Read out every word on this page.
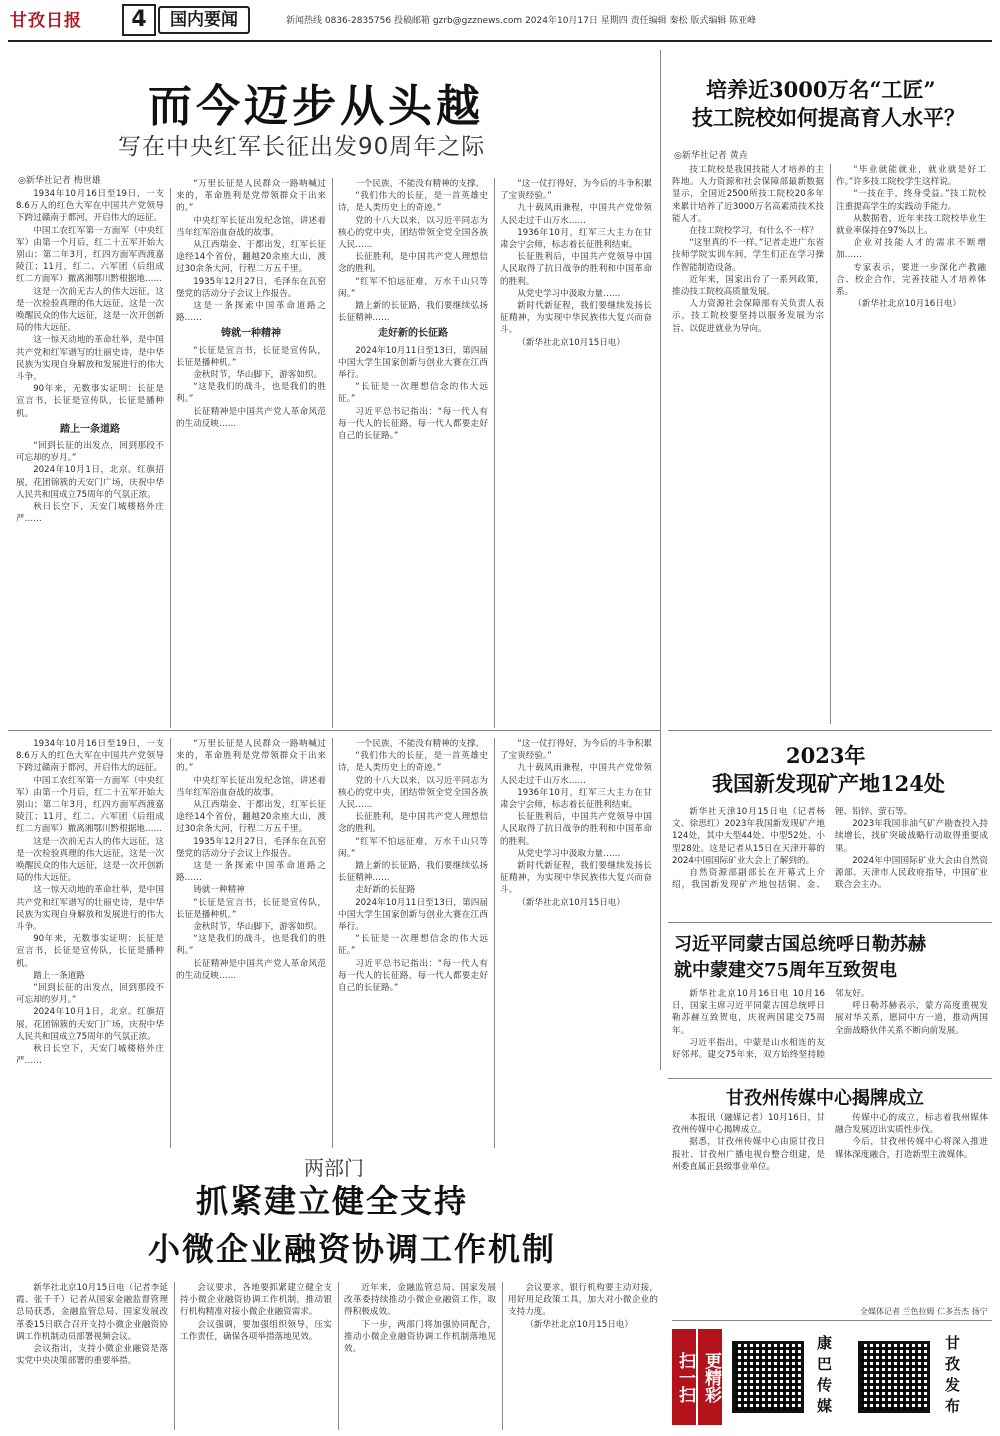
甘孜日报	4	国内要闻	新闻热线 0836-2835756 投稿邮箱 gzrb@gzznews.com 2024年10月17日 星期四 责任编辑 秦松 版式编辑 陈亚峰
而今迈步从头越
写在中央红军长征出发90周年之际
◎新华社记者 梅世雄

1934年10月16日至19日，一支8.6万人的红色大军在中国共产党领导下跨过赣南于都河，开启伟大的远征。

中国工农红军第一方面军（中央红军）由第一个月后，红二十五军开始大别山；第二年3月，红四方面军西渡嘉陵江；11月，红二、六军团（后组成红二方面军）撤离湘鄂川黔根据地……

这是一次前无古人的伟大远征，这是一次检验真理的伟大远征，这是一次唤醒民众的伟大远征，这是一次开创新局的伟大远征。

这一惊天动地的革命壮举，是中国共产党和红军谱写的壮丽史诗，是中华民族为实现自身解放和发展进行的伟大斗争。

90年来，无数事实证明：长征是宣言书，长征是宣传队，长征是播种机。

踏上一条道路

“回到长征的出发点，回到那段不可忘却的岁月。”

2024年10月1日，北京。红旗招展，花团锦簇的天安门广场，庆祝中华人民共和国成立75周年的气氛正浓。

秋日长空下，天安门城楼格外庄严……

“万里长征是人民群众一路呐喊过来的，革命胜利是党带领群众干出来的。”

中央红军长征出发纪念馆，讲述着当年红军浴血奋战的故事。

从江西瑞金、于都出发，红军长征途经14个省份，翻越20余座大山，渡过30余条大河，行程二万五千里。

1935年12月27日，毛泽东在瓦窑堡党的活动分子会议上作报告。

这是一条探索中国革命道路之路……

铸就一种精神

“长征是宣言书，长征是宣传队，长征是播种机。”

金秋时节，华山脚下，游客如织。

“这是我们的战斗，也是我们的胜利。”

长征精神是中国共产党人革命风范的生动反映……

一个民族，不能没有精神的支撑。

“我们伟大的长征，是一首英雄史诗，是人类历史上的奇迹。”

党的十八大以来，以习近平同志为核心的党中央，团结带领全党全国各族人民……

长征胜利，是中国共产党人理想信念的胜利。

“红军不怕远征难，万水千山只等闲。”

踏上新的长征路，我们要继续弘扬长征精神……

走好新的长征路

2024年10月11日至13日，第四届中国大学生国家创新与创业大赛在江西举行。

“长征是一次理想信念的伟大远征。”

习近平总书记指出：“每一代人有每一代人的长征路，每一代人都要走好自己的长征路。”

“这一仗打得好，为今后的斗争积累了宝贵经验。”

九十载风雨兼程，中国共产党带领人民走过千山万水……

1936年10月，红军三大主力在甘肃会宁会师，标志着长征胜利结束。

长征胜利后，中国共产党领导中国人民取得了抗日战争的胜利和中国革命的胜利。

从党史学习中汲取力量……

新时代新征程，我们要继续发扬长征精神，为实现中华民族伟大复兴而奋斗。

（新华社北京10月15日电）

培养近3000万名“工匠”
技工院校如何提高育人水平？
◎新华社记者 黄垚

技工院校是我国技能人才培养的主阵地。人力资源和社会保障部最新数据显示，全国近2500所技工院校20多年来累计培养了近3000万名高素质技术技能人才。

在技工院校学习，有什么不一样？

“这里真的不一样。”记者走进广东省技师学院实训车间，学生们正在学习操作智能制造设备。

近年来，国家出台了一系列政策，推动技工院校高质量发展。

人力资源社会保障部有关负责人表示，技工院校要坚持以服务发展为宗旨、以促进就业为导向。

“毕业就能就业，就业就是好工作。”许多技工院校学生这样说。

“一技在手，终身受益。”技工院校注重提高学生的实践动手能力。

从数据看，近年来技工院校毕业生就业率保持在97%以上。

企业对技能人才的需求不断增加……

专家表示，要进一步深化产教融合、校企合作，完善技能人才培养体系。

（新华社北京10月16日电）

2023年
我国新发现矿产地124处

新华社天津10月15日电（记者杨文、徐思红）2023年我国新发现矿产地124处，其中大型44处、中型52处、小型28处。这是记者从15日在天津开幕的2024中国国际矿业大会上了解到的。

自然资源部副部长在开幕式上介绍，我国新发现矿产地包括铜、金、锂、铅锌、萤石等。

2023年我国非油气矿产勘查投入持续增长，找矿突破战略行动取得重要成果。

2024年中国国际矿业大会由自然资源部、天津市人民政府指导，中国矿业联合会主办。

习近平同蒙古国总统呼日勒苏赫
就中蒙建交75周年互致贺电

新华社北京10月16日电 10月16日，国家主席习近平同蒙古国总统呼日勒苏赫互致贺电，庆祝两国建交75周年。

习近平指出，中蒙是山水相连的友好邻邦。建交75年来，双方始终坚持睦邻友好。

呼日勒苏赫表示，蒙方高度重视发展对华关系，愿同中方一道，推动两国全面战略伙伴关系不断向前发展。

甘孜州传媒中心揭牌成立

本报讯（融媒记者）10月16日，甘孜州传媒中心揭牌成立。

据悉，甘孜州传媒中心由原甘孜日报社、甘孜州广播电视台整合组建，是州委直属正县级事业单位。

传媒中心的成立，标志着我州媒体融合发展迈出实质性步伐。

今后，甘孜州传媒中心将深入推进媒体深度融合，打造新型主流媒体。

全媒体记者 兰色拉姆 仁多吾杰 扬宁
扫一扫 更精彩	康巴传媒	甘孜发布
两部门
抓紧建立健全支持
小微企业融资协调工作机制

新华社北京10月15日电（记者李延霞、张千千）记者从国家金融监督管理总局获悉，金融监管总局、国家发展改革委15日联合召开支持小微企业融资协调工作机制动员部署视频会议。

会议指出，支持小微企业融资是落实党中央决策部署的重要举措。

会议要求，各地要抓紧建立健全支持小微企业融资协调工作机制，推动银行机构精准对接小微企业融资需求。

会议强调，要加强组织领导，压实工作责任，确保各项举措落地见效。

近年来，金融监管总局、国家发展改革委持续推动小微企业融资工作，取得积极成效。

下一步，两部门将加强协同配合，推动小微企业融资协调工作机制落地见效。

会议要求，银行机构要主动对接，用好用足政策工具，加大对小微企业的支持力度。

（新华社北京10月15日电）

1934年10月16日至19日，一支8.6万人的红色大军在中国共产党领导下跨过赣南于都河，开启伟大的远征。

中国工农红军第一方面军（中央红军）由第一个月后，红二十五军开始大别山；第二年3月，红四方面军西渡嘉陵江；11月，红二、六军团（后组成红二方面军）撤离湘鄂川黔根据地……

这是一次前无古人的伟大远征，这是一次检验真理的伟大远征，这是一次唤醒民众的伟大远征，这是一次开创新局的伟大远征。

这一惊天动地的革命壮举，是中国共产党和红军谱写的壮丽史诗，是中华民族为实现自身解放和发展进行的伟大斗争。

90年来，无数事实证明：长征是宣言书，长征是宣传队，长征是播种机。

踏上一条道路

“回到长征的出发点，回到那段不可忘却的岁月。”

2024年10月1日，北京。红旗招展，花团锦簇的天安门广场，庆祝中华人民共和国成立75周年的气氛正浓。

秋日长空下，天安门城楼格外庄严……

“万里长征是人民群众一路呐喊过来的，革命胜利是党带领群众干出来的。”

中央红军长征出发纪念馆，讲述着当年红军浴血奋战的故事。

从江西瑞金、于都出发，红军长征途经14个省份，翻越20余座大山，渡过30余条大河，行程二万五千里。

1935年12月27日，毛泽东在瓦窑堡党的活动分子会议上作报告。

这是一条探索中国革命道路之路……

铸就一种精神

“长征是宣言书，长征是宣传队，长征是播种机。”

金秋时节，华山脚下，游客如织。

“这是我们的战斗，也是我们的胜利。”

长征精神是中国共产党人革命风范的生动反映……

一个民族，不能没有精神的支撑。

“我们伟大的长征，是一首英雄史诗，是人类历史上的奇迹。”

党的十八大以来，以习近平同志为核心的党中央，团结带领全党全国各族人民……

长征胜利，是中国共产党人理想信念的胜利。

“红军不怕远征难，万水千山只等闲。”

踏上新的长征路，我们要继续弘扬长征精神……

走好新的长征路

2024年10月11日至13日，第四届中国大学生国家创新与创业大赛在江西举行。

“长征是一次理想信念的伟大远征。”

习近平总书记指出：“每一代人有每一代人的长征路，每一代人都要走好自己的长征路。”

“这一仗打得好，为今后的斗争积累了宝贵经验。”

九十载风雨兼程，中国共产党带领人民走过千山万水……

1936年10月，红军三大主力在甘肃会宁会师，标志着长征胜利结束。

长征胜利后，中国共产党领导中国人民取得了抗日战争的胜利和中国革命的胜利。

从党史学习中汲取力量……

新时代新征程，我们要继续发扬长征精神，为实现中华民族伟大复兴而奋斗。

（新华社北京10月15日电）
